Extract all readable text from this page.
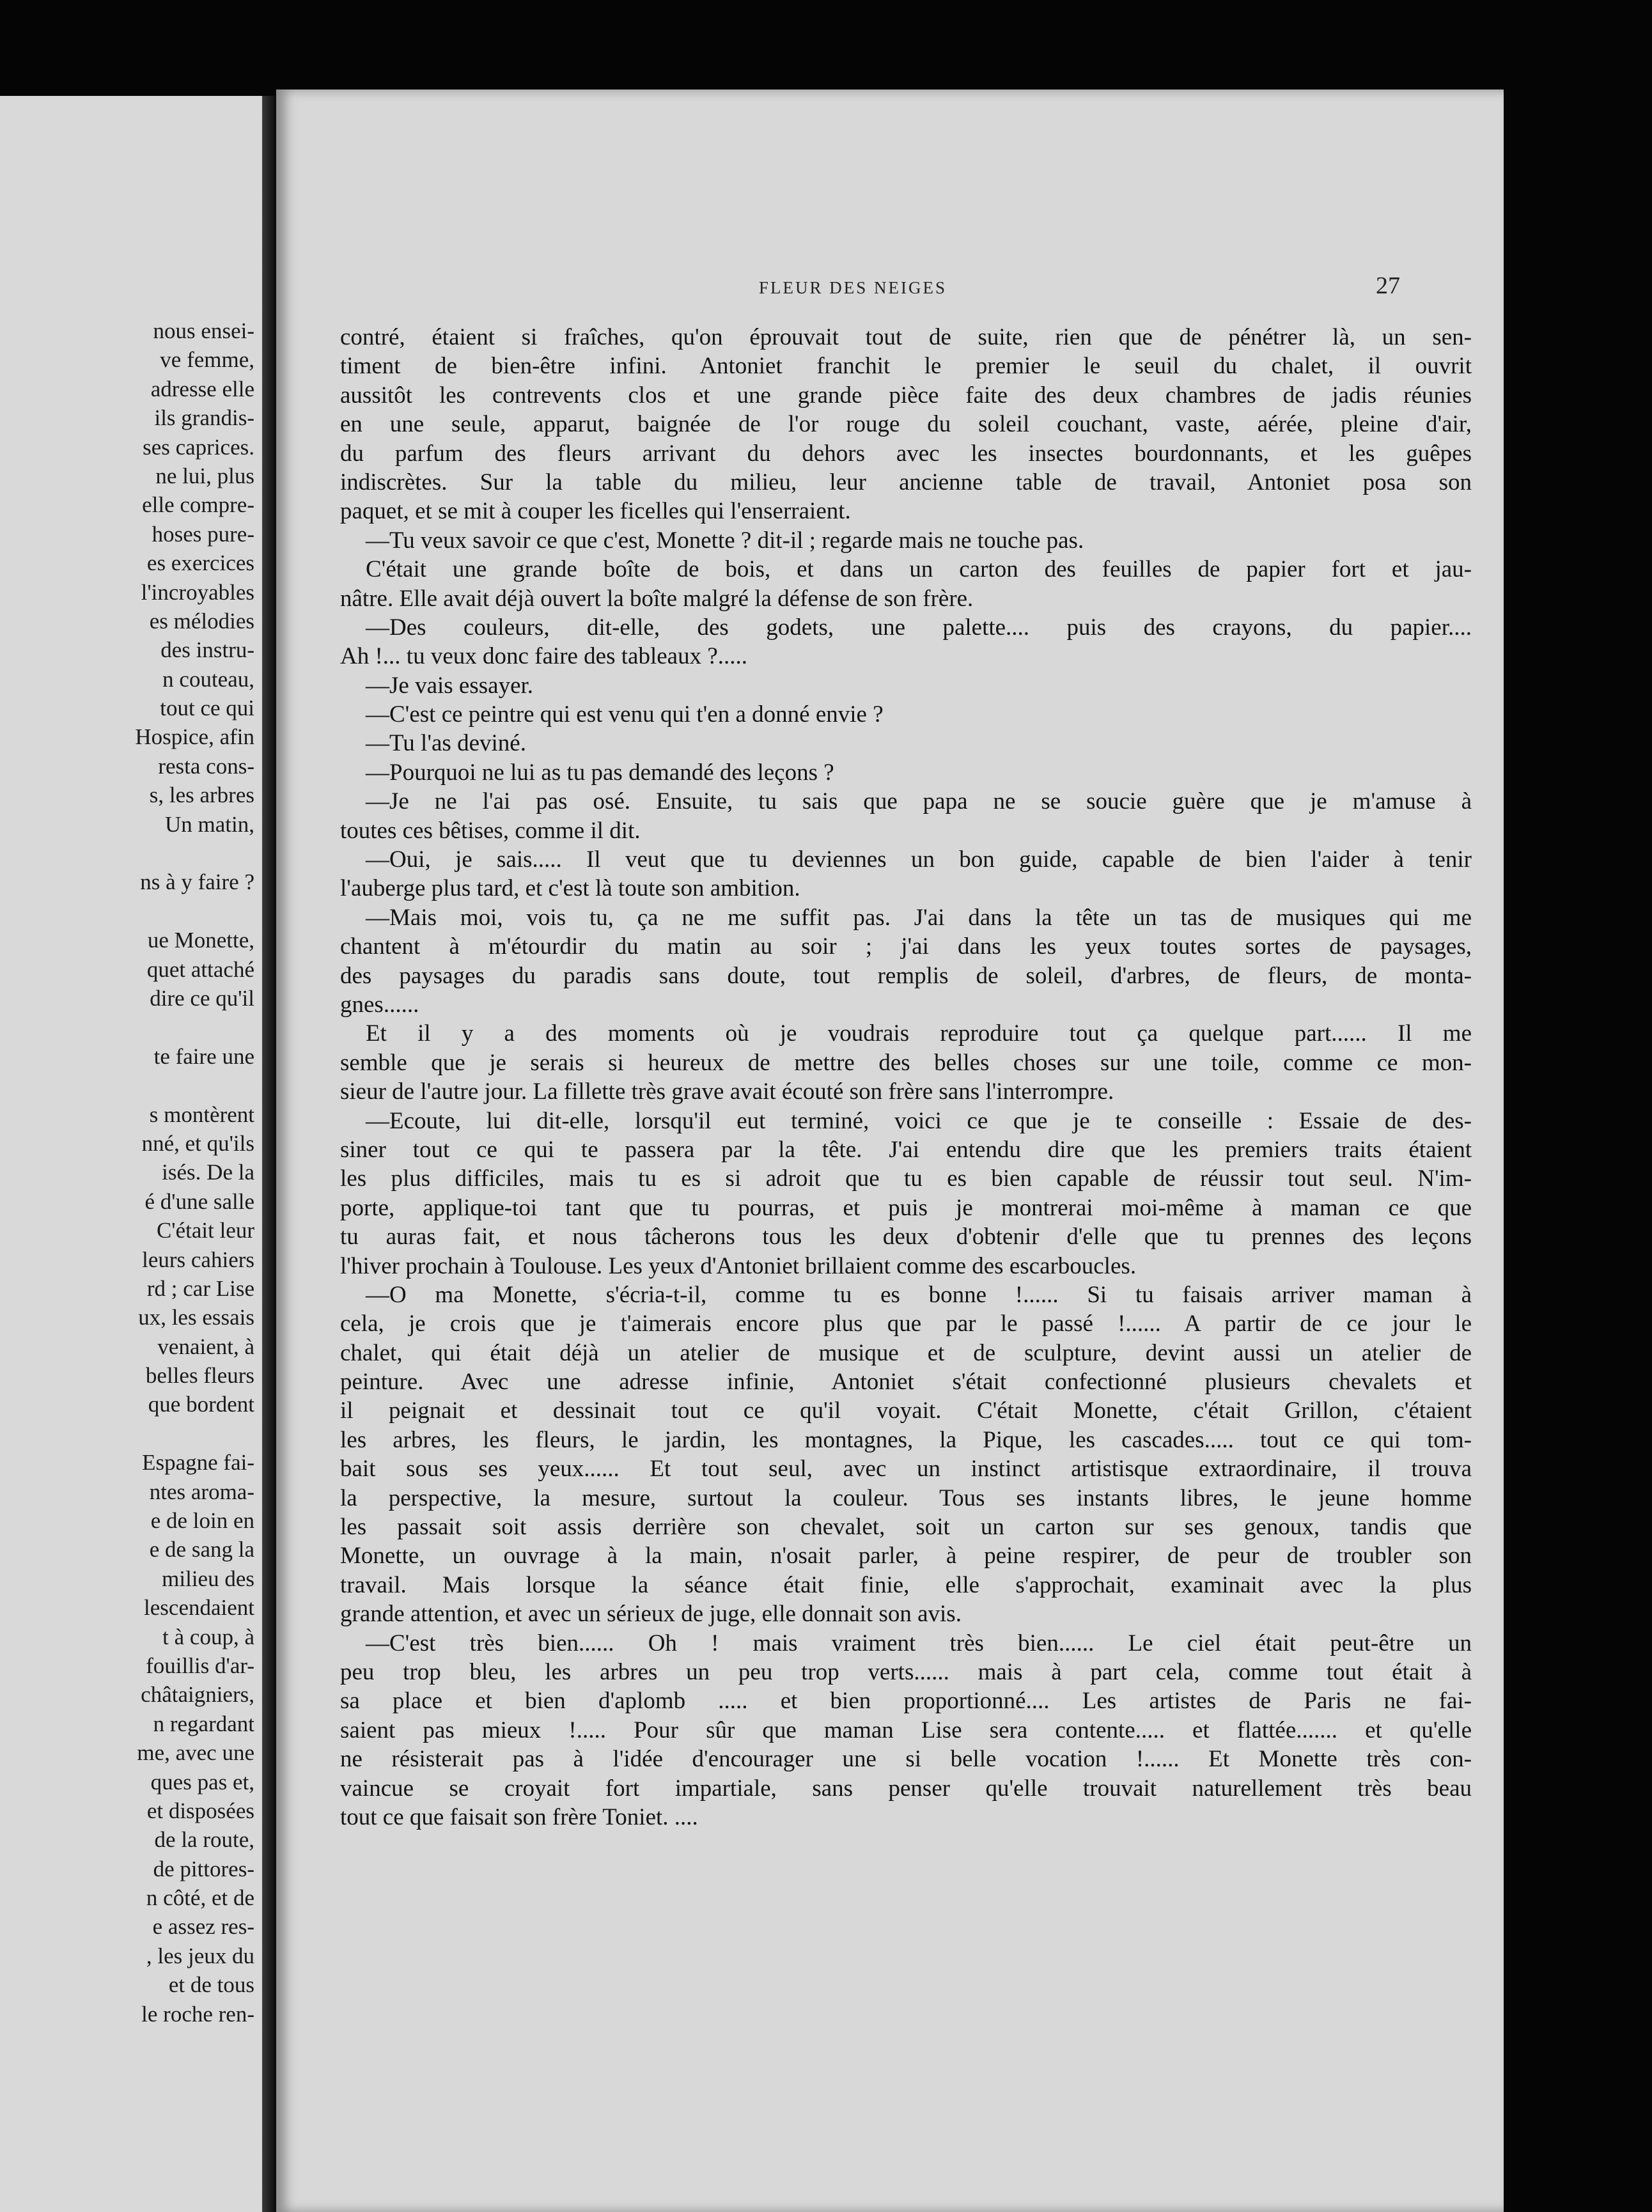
nous ensei-
ve femme,
adresse elle
ils grandis-
ses caprices.
ne lui, plus
elle compre-
hoses pure-
es exercices
l'incroyables
es mélodies
des instru-
n couteau,
tout ce qui
Hospice, afin
resta cons-
s, les arbres
Un matin,
ns à y faire ?
ue Monette,
quet attaché
dire ce qu'il
te faire une
s montèrent
nné, et qu'ils
isés. De la
é d'une salle
C'était leur
leurs cahiers
rd ; car Lise
ux, les essais
venaient, à
belles fleurs
que bordent
Espagne fai-
ntes aroma-
e de loin en
e de sang la
milieu des
lescendaient
t à coup, à
fouillis d'ar-
châtaigniers,
n regardant
me, avec une
ques pas et,
et disposées
de la route,
de pittores-
n côté, et de
e assez res-
, les jeux du
et de tous
le roche ren-
FLEUR DES NEIGES	27

contré, étaient si fraîches, qu'on éprouvait tout de suite, rien que de pénétrer là, un sen-

timent de bien-être infini. Antoniet franchit le premier le seuil du chalet, il ouvrit

aussitôt les contrevents clos et une grande pièce faite des deux chambres de jadis réunies

en une seule, apparut, baignée de l'or rouge du soleil couchant, vaste, aérée, pleine d'air,

du parfum des fleurs arrivant du dehors avec les insectes bourdonnants, et les guêpes

indiscrètes. Sur la table du milieu, leur ancienne table de travail, Antoniet posa son

paquet, et se mit à couper les ficelles qui l'enserraient.

—Tu veux savoir ce que c'est, Monette ? dit-il ; regarde mais ne touche pas.

C'était une grande boîte de bois, et dans un carton des feuilles de papier fort et jau-

nâtre. Elle avait déjà ouvert la boîte malgré la défense de son frère.

—Des couleurs, dit-elle, des godets, une palette.... puis des crayons, du papier....

Ah !... tu veux donc faire des tableaux ?.....

—Je vais essayer.

—C'est ce peintre qui est venu qui t'en a donné envie ?

—Tu l'as deviné.

—Pourquoi ne lui as tu pas demandé des leçons ?

—Je ne l'ai pas osé. Ensuite, tu sais que papa ne se soucie guère que je m'amuse à

toutes ces bêtises, comme il dit.

—Oui, je sais..... Il veut que tu deviennes un bon guide, capable de bien l'aider à tenir

l'auberge plus tard, et c'est là toute son ambition.

—Mais moi, vois tu, ça ne me suffit pas. J'ai dans la tête un tas de musiques qui me

chantent à m'étourdir du matin au soir ; j'ai dans les yeux toutes sortes de paysages,

des paysages du paradis sans doute, tout remplis de soleil, d'arbres, de fleurs, de monta-

gnes......

Et il y a des moments où je voudrais reproduire tout ça quelque part...... Il me

semble que je serais si heureux de mettre des belles choses sur une toile, comme ce mon-

sieur de l'autre jour. La fillette très grave avait écouté son frère sans l'interrompre.

—Ecoute, lui dit-elle, lorsqu'il eut terminé, voici ce que je te conseille : Essaie de des-

siner tout ce qui te passera par la tête. J'ai entendu dire que les premiers traits étaient

les plus difficiles, mais tu es si adroit que tu es bien capable de réussir tout seul. N'im-

porte, applique-toi tant que tu pourras, et puis je montrerai moi-même à maman ce que

tu auras fait, et nous tâcherons tous les deux d'obtenir d'elle que tu prennes des leçons

l'hiver prochain à Toulouse. Les yeux d'Antoniet brillaient comme des escarboucles.

—O ma Monette, s'écria-t-il, comme tu es bonne !...... Si tu faisais arriver maman à

cela, je crois que je t'aimerais encore plus que par le passé !...... A partir de ce jour le

chalet, qui était déjà un atelier de musique et de sculpture, devint aussi un atelier de

peinture. Avec une adresse infinie, Antoniet s'était confectionné plusieurs chevalets et

il peignait et dessinait tout ce qu'il voyait. C'était Monette, c'était Grillon, c'étaient

les arbres, les fleurs, le jardin, les montagnes, la Pique, les cascades..... tout ce qui tom-

bait sous ses yeux...... Et tout seul, avec un instinct artistisque extraordinaire, il trouva

la perspective, la mesure, surtout la couleur. Tous ses instants libres, le jeune homme

les passait soit assis derrière son chevalet, soit un carton sur ses genoux, tandis que

Monette, un ouvrage à la main, n'osait parler, à peine respirer, de peur de troubler son

travail. Mais lorsque la séance était finie, elle s'approchait, examinait avec la plus

grande attention, et avec un sérieux de juge, elle donnait son avis.

—C'est très bien...... Oh ! mais vraiment très bien...... Le ciel était peut-être un

peu trop bleu, les arbres un peu trop verts...... mais à part cela, comme tout était à

sa place et bien d'aplomb ..... et bien proportionné.... Les artistes de Paris ne fai-

saient pas mieux !..... Pour sûr que maman Lise sera contente..... et flattée....... et qu'elle

ne résisterait pas à l'idée d'encourager une si belle vocation !...... Et Monette très con-

vaincue se croyait fort impartiale, sans penser qu'elle trouvait naturellement très beau

tout ce que faisait son frère Toniet. ....
